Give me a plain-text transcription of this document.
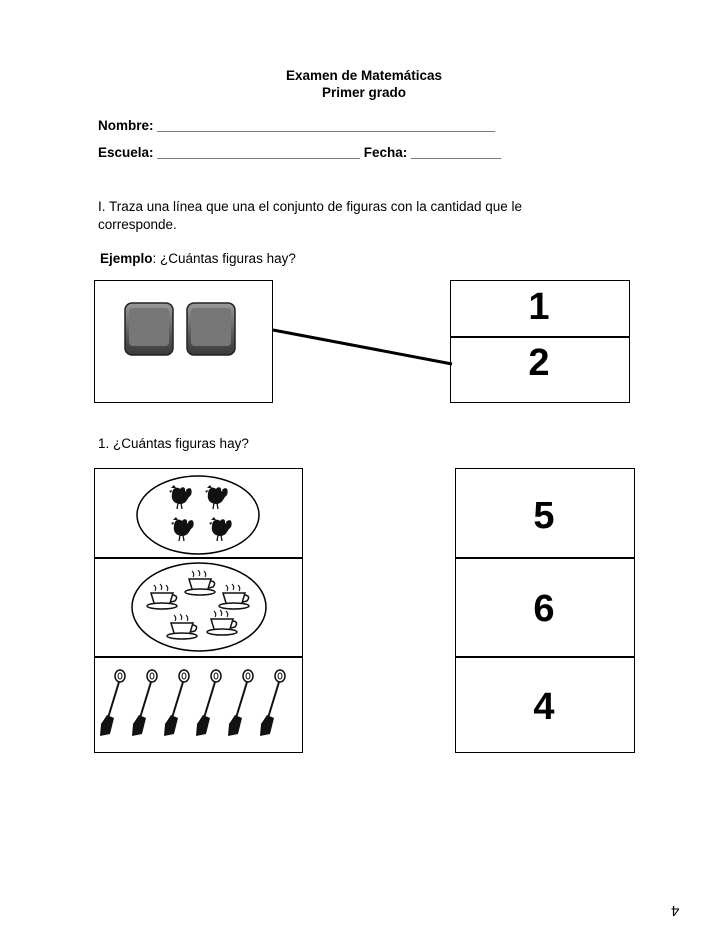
Examen de Matemáticas
Primer grado
Nombre: _____________________________________________
Escuela: ___________________________ Fecha: ____________
I. Traza una línea que una el conjunto de figuras con la cantidad que le corresponde.
Ejemplo: ¿Cuántas figuras hay?
1
2
1. ¿Cuántas figuras hay?
5
6
4
4
